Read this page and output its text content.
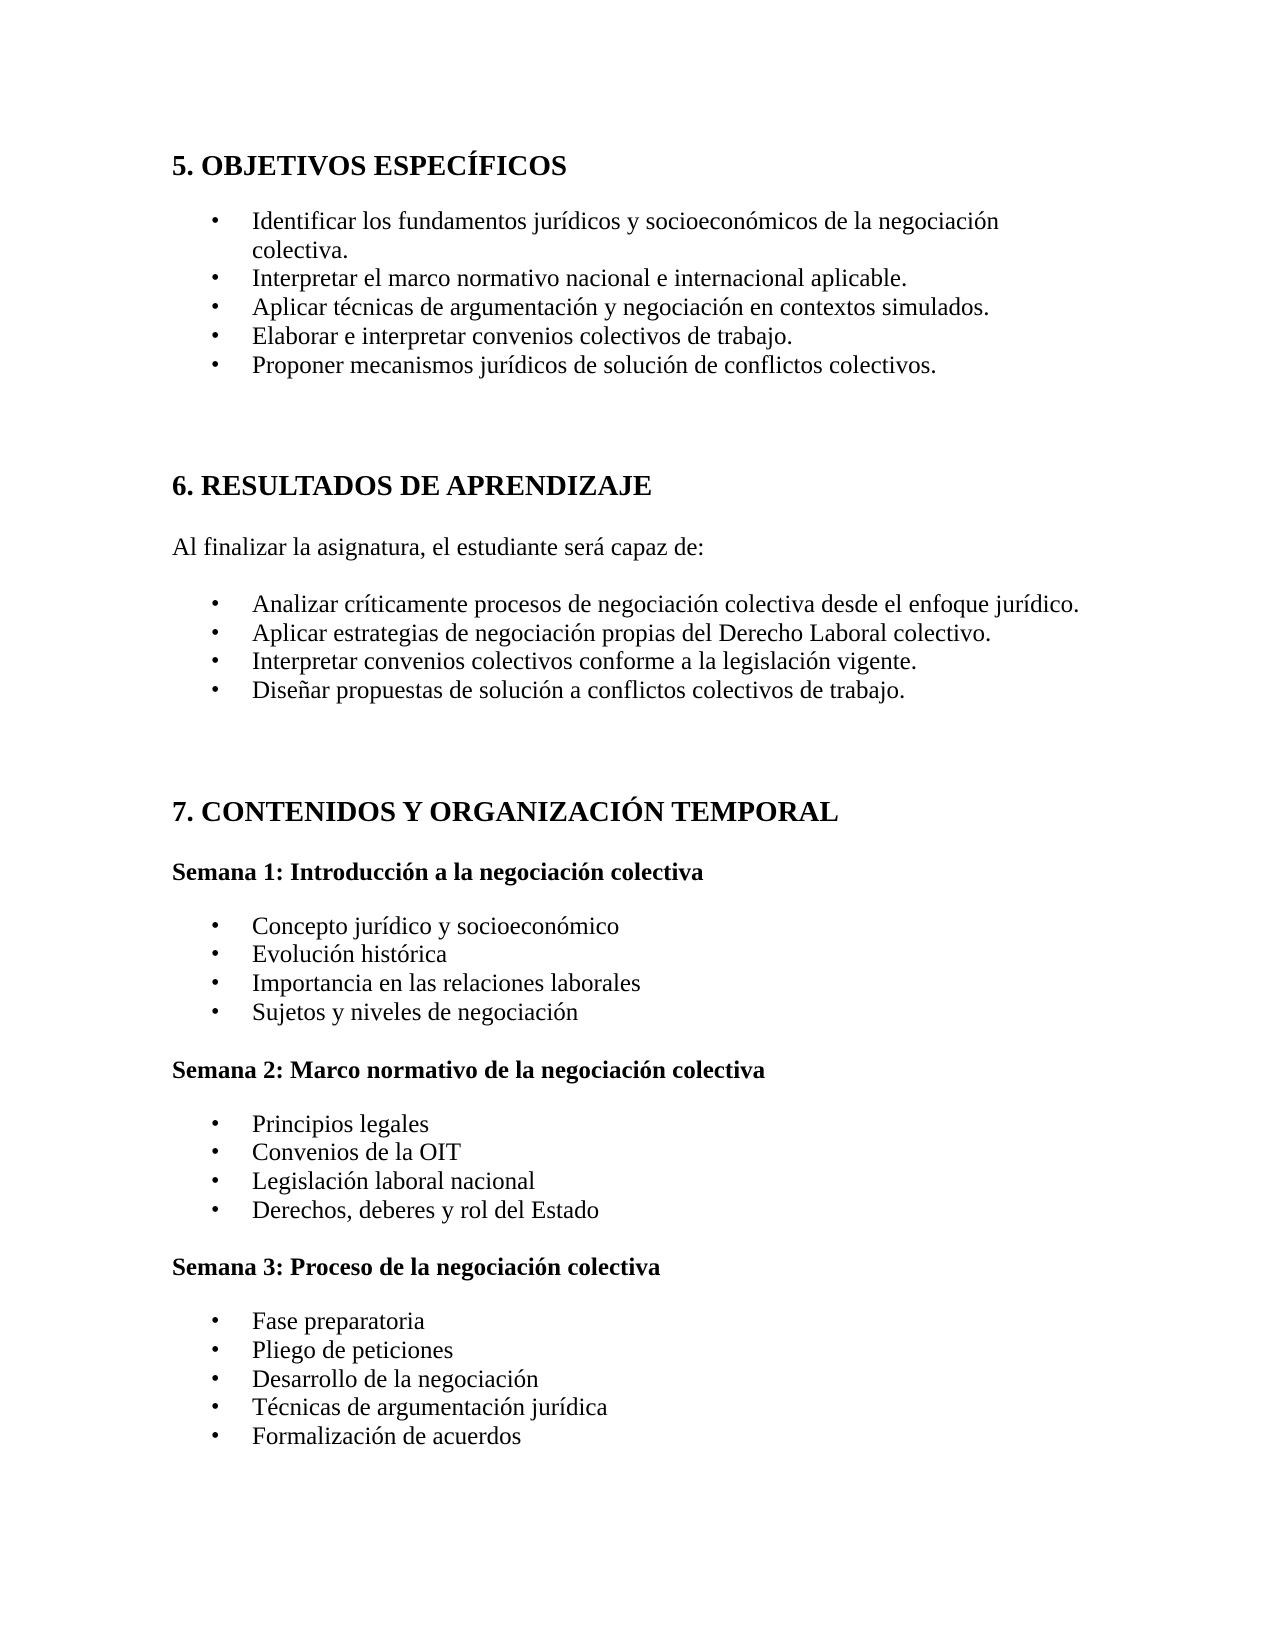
5. OBJETIVOS ESPECÍFICOS
• Identificar los fundamentos jurídicos y socioeconómicos de la negociación colectiva.
• Interpretar el marco normativo nacional e internacional aplicable.
• Aplicar técnicas de argumentación y negociación en contextos simulados.
• Elaborar e interpretar convenios colectivos de trabajo.
• Proponer mecanismos jurídicos de solución de conflictos colectivos.
6. RESULTADOS DE APRENDIZAJE

Al finalizar la asignatura, el estudiante será capaz de:

• Analizar críticamente procesos de negociación colectiva desde el enfoque jurídico.
• Aplicar estrategias de negociación propias del Derecho Laboral colectivo.
• Interpretar convenios colectivos conforme a la legislación vigente.
• Diseñar propuestas de solución a conflictos colectivos de trabajo.
7. CONTENIDOS Y ORGANIZACIÓN TEMPORAL
Semana 1: Introducción a la negociación colectiva
• Concepto jurídico y socioeconómico
• Evolución histórica
• Importancia en las relaciones laborales
• Sujetos y niveles de negociación
Semana 2: Marco normativo de la negociación colectiva
• Principios legales
• Convenios de la OIT
• Legislación laboral nacional
• Derechos, deberes y rol del Estado
Semana 3: Proceso de la negociación colectiva
• Fase preparatoria
• Pliego de peticiones
• Desarrollo de la negociación
• Técnicas de argumentación jurídica
• Formalización de acuerdos
